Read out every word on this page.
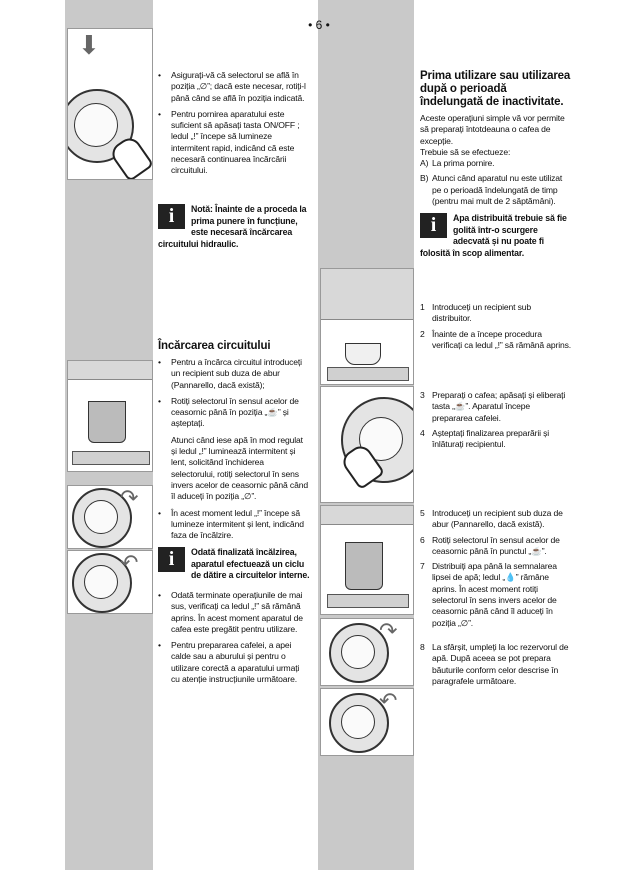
• 6 •
⬇
↷
↶
↷
↶
• Asigurați-vă că selectorul se află în poziția „∅”; dacă este necesar, rotiți-l până când se află în poziția indicată.
• Pentru pornirea aparatului este suficient să apăsați tasta ON/OFF ; ledul „!” începe să lumineze intermitent rapid, indicând că este necesară continuarea încărcării circuitului.
i	Notă: Înainte de a proceda la prima punere în funcțiune, este necesară încărcarea circuitului hidraulic.
Încărcarea circuitului
• Pentru a încărca circuitul introduceți un recipient sub duza de abur (Pannarello, dacă există);
• Rotiți selectorul în sensul acelor de ceasornic până în poziția „☕” și așteptați.
Atunci când iese apă în mod regulat și ledul „!” luminează intermitent și lent, solicitând închiderea selectorului, rotiți selectorul în sens invers acelor de ceasornic până când îl aduceți în poziția „∅”.
• În acest moment ledul „!” începe să lumineze intermitent și lent, indicând faza de încălzire.
i	Odată finalizată încălzirea, aparatul efectuează un ciclu de dătire a circuitelor interne.
• Odată terminate operațiunile de mai sus, verificați ca ledul „!” să rămână aprins. În acest moment aparatul de cafea este pregătit pentru utilizare.
• Pentru prepararea cafelei, a apei calde sau a aburului și pentru o utilizare corectă a aparatului urmați cu atenție instrucțiunile următoare.
Prima utilizare sau utilizarea după o perioadă îndelungată de inactivitate.

Aceste operațiuni simple vă vor permite să preparați întotdeauna o cafea de excepție.

Trebuie să se efectueze:

A) La prima pornire.
B) Atunci când aparatul nu este utilizat pe o perioadă îndelungată de timp (pentru mai mult de 2 săptămâni).
i	Apa distribuită trebuie să fie golită într-o scurgere adecvată și nu poate fi folosită în scop alimentar.
1 Introduceți un recipient sub distribuitor.
2 Înainte de a începe procedura verificați ca ledul „!” să rămână aprins.
3 Preparați o cafea; apăsați și eliberați tasta „☕”. Aparatul începe prepararea cafelei.
4 Așteptați finalizarea preparării și înlăturați recipientul.
5 Introduceți un recipient sub duza de abur (Pannarello, dacă există).
6 Rotiți selectorul în sensul acelor de ceasornic până în punctul „☕”.
7 Distribuiți apa până la semnalarea lipsei de apă; ledul „💧” rămâne aprins. În acest moment rotiți selectorul în sens invers acelor de ceasornic până când îl aduceți în poziția „∅”.
8 La sfârșit, umpleți la loc rezervorul de apă. După aceea se pot prepara băuturile conform celor descrise în paragrafele următoare.
